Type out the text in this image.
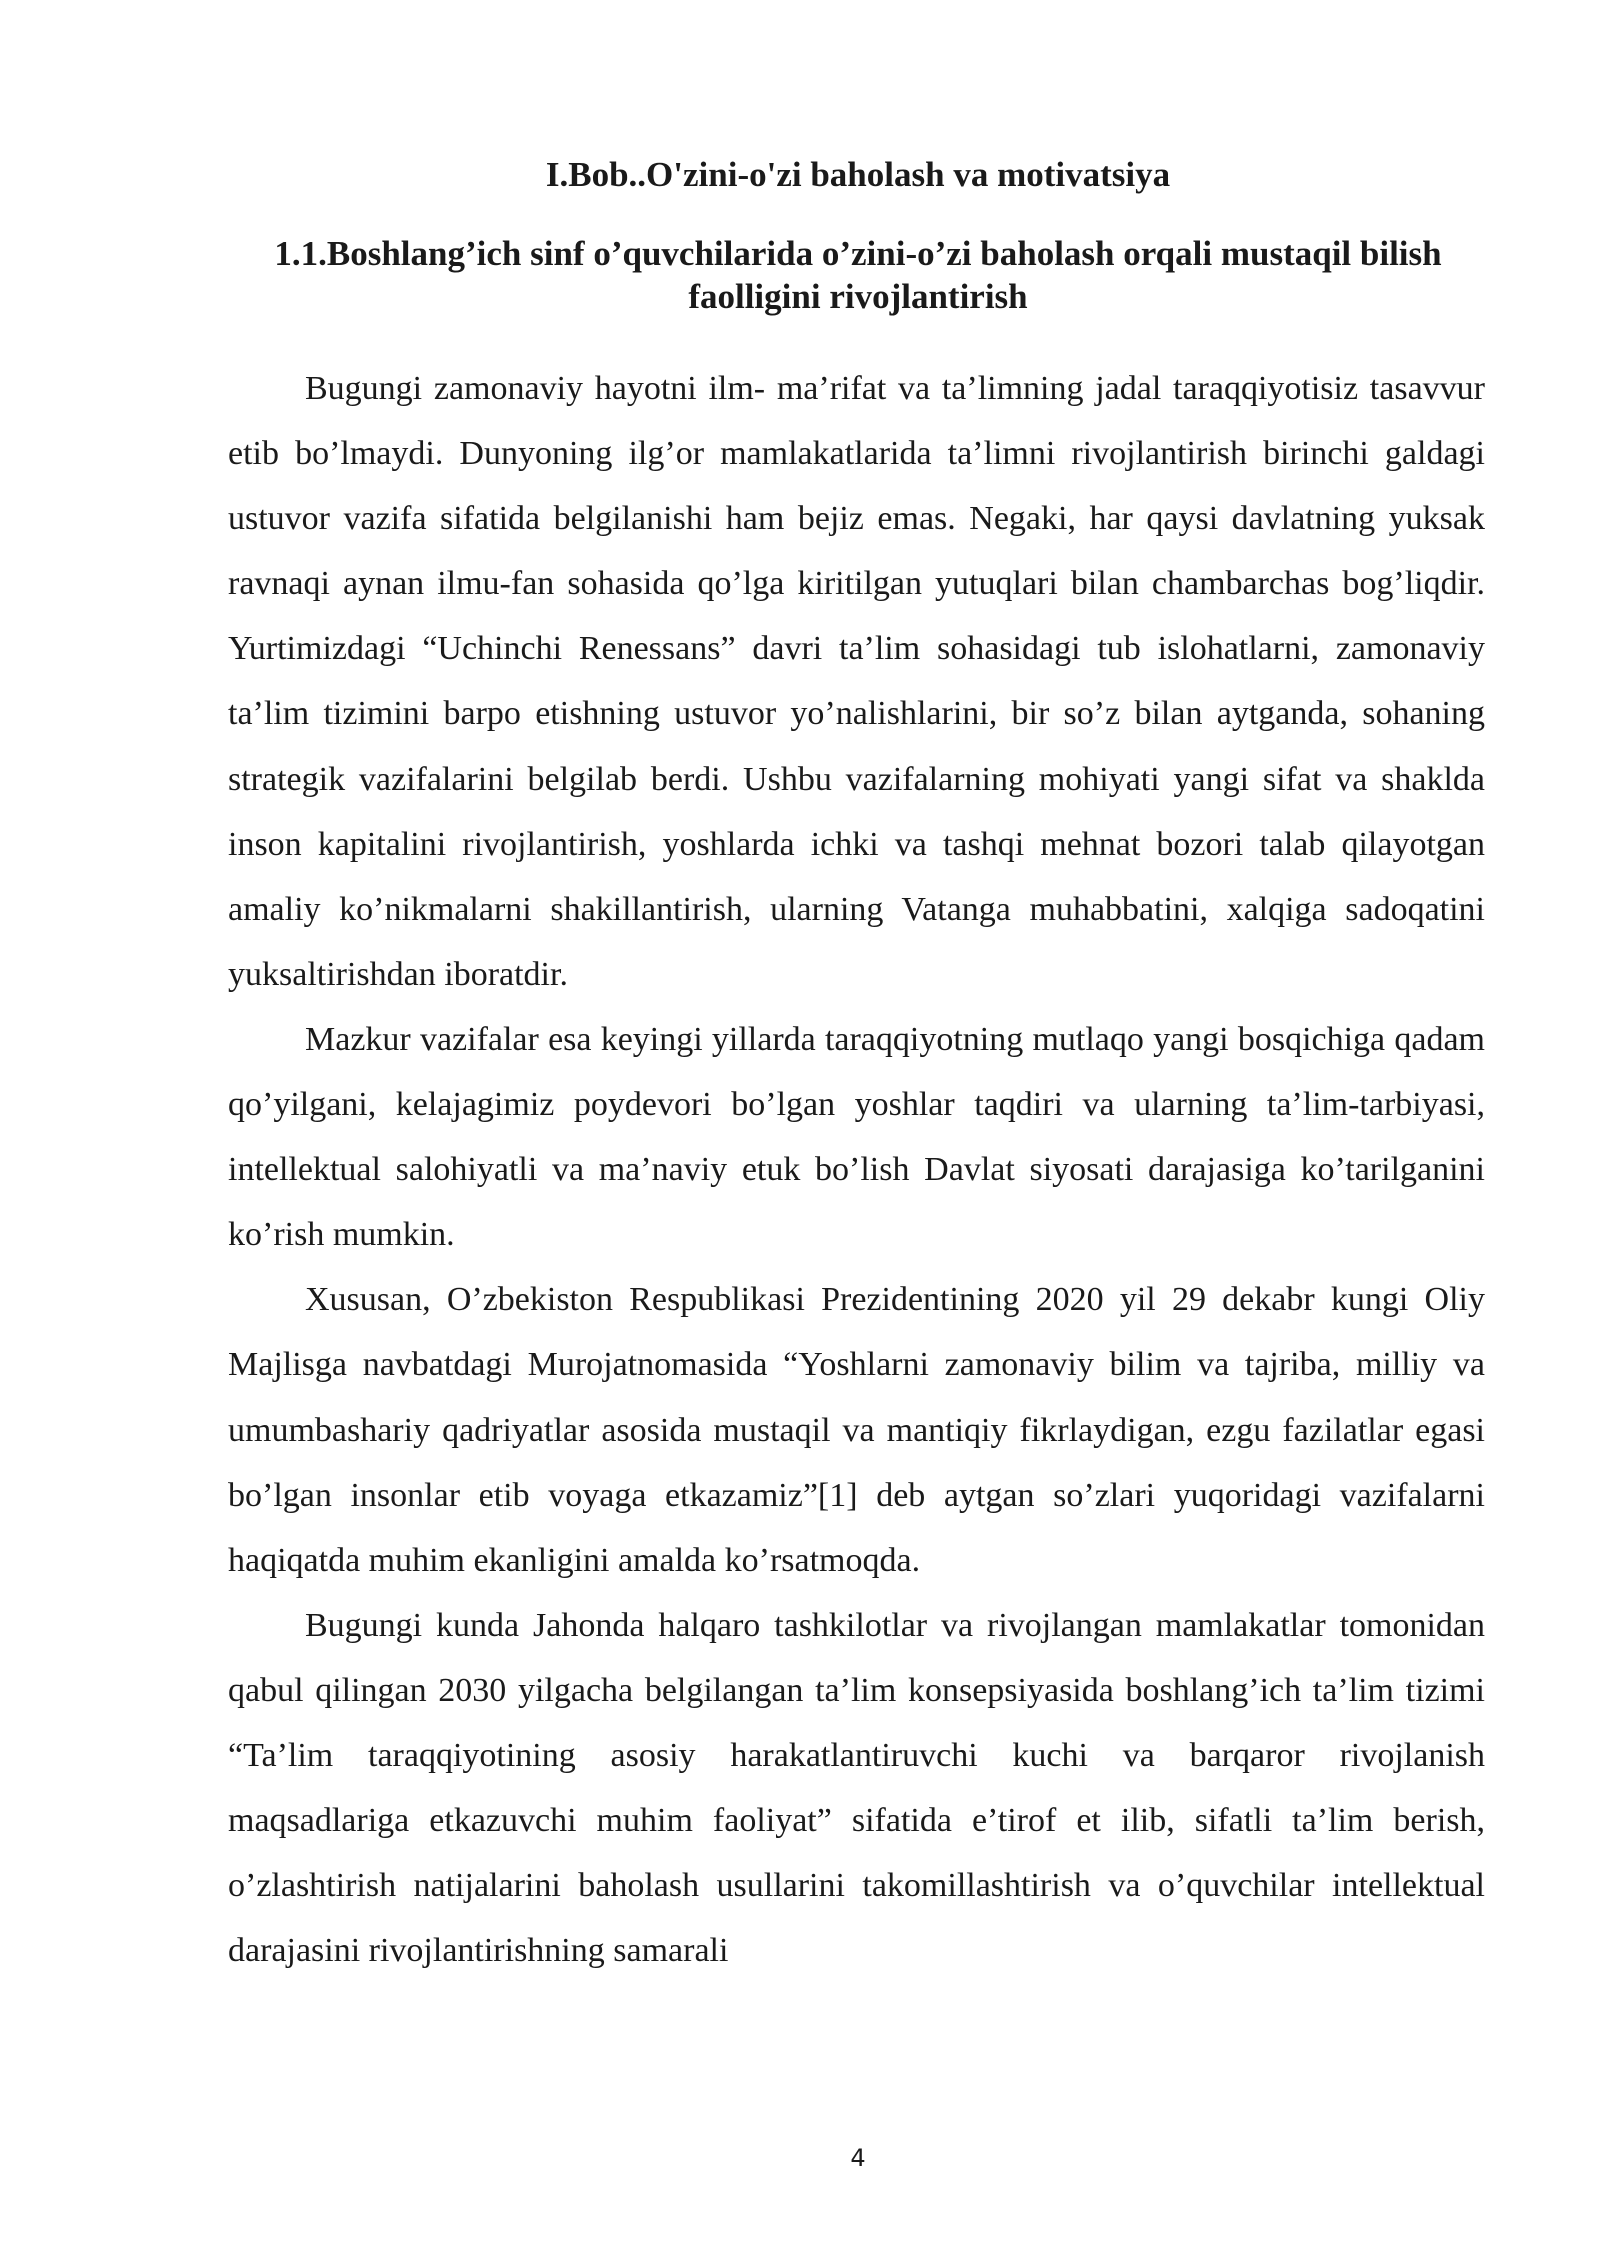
I.Bob..O'zini-o'zi baholash va motivatsiya
1.1.Boshlang’ich sinf o’quvchilarida o’zini-o’zi baholash orqali mustaqil bilish faolligini rivojlantirish

Bugungi zamonaviy hayotni ilm- ma’rifat va ta’limning jadal taraqqiyotisiz tasavvur etib bo’lmaydi. Dunyoning ilg’or mamlakatlarida ta’limni rivojlantirish birinchi galdagi ustuvor vazifa sifatida belgilanishi ham bejiz emas. Negaki, har qaysi davlatning yuksak ravnaqi aynan ilmu-fan sohasida qo’lga kiritilgan yutuqlari bilan chambarchas bog’liqdir. Yurtimizdagi “Uchinchi Renessans” davri ta’lim sohasidagi tub islohatlarni, zamonaviy ta’lim tizimini barpo etishning ustuvor yo’nalishlarini, bir so’z bilan aytganda, sohaning strategik vazifalarini belgilab berdi. Ushbu vazifalarning mohiyati yangi sifat va shaklda inson kapitalini rivojlantirish, yoshlarda ichki va tashqi mehnat bozori talab qilayotgan amaliy ko’nikmalarni shakillantirish, ularning Vatanga muhabbatini, xalqiga sadoqatini yuksaltirishdan iboratdir.

Mazkur vazifalar esa keyingi yillarda taraqqiyotning mutlaqo yangi bosqichiga qadam qo’yilgani, kelajagimiz poydevori bo’lgan yoshlar taqdiri va ularning ta’lim-tarbiyasi, intellektual salohiyatli va ma’naviy etuk bo’lish Davlat siyosati darajasiga ko’tarilganini ko’rish mumkin.

Xususan, O’zbekiston Respublikasi Prezidentining 2020 yil 29 dekabr kungi Oliy Majlisga navbatdagi Murojatnomasida “Yoshlarni zamonaviy bilim va tajriba, milliy va umumbashariy qadriyatlar asosida mustaqil va mantiqiy fikrlaydigan, ezgu fazilatlar egasi bo’lgan insonlar etib voyaga etkazamiz”[1] deb aytgan so’zlari yuqoridagi vazifalarni haqiqatda muhim ekanligini amalda ko’rsatmoqda.

Bugungi kunda Jahonda halqaro tashkilotlar va rivojlangan mamlakatlar tomonidan qabul qilingan 2030 yilgacha belgilangan ta’lim konsepsiyasida boshlang’ich ta’lim tizimi “Ta’lim taraqqiyotining asosiy harakatlantiruvchi kuchi va barqaror rivojlanish maqsadlariga etkazuvchi muhim faoliyat” sifatida e’tirof et ilib, sifatli ta’lim berish, o’zlashtirish natijalarini baholash usullarini takomillashtirish va o’quvchilar intellektual darajasini rivojlantirishning samarali

4
